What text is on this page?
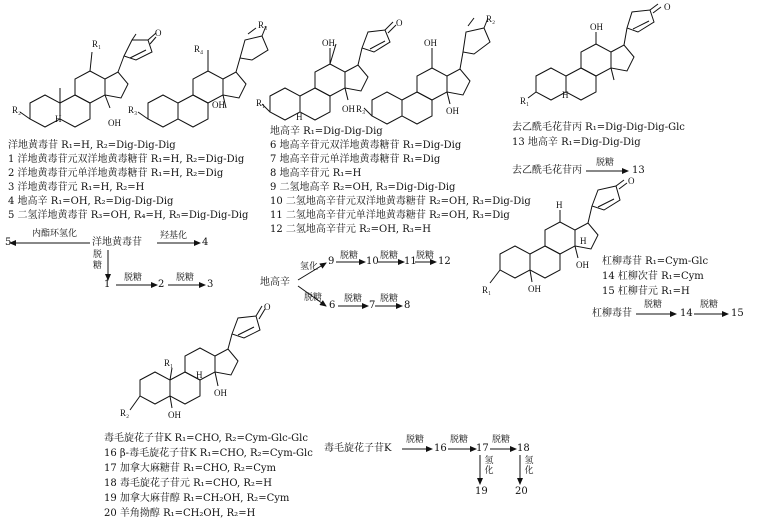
R₁
R₂
R₄
R₃
R₃
OH
OH
H
O
洋地黄毒苷 R₁=H, R₂=Dig-Dig-Dig
1 洋地黄毒苷元双洋地黄毒糖苷 R₁=H, R₂=Dig-Dig
2 洋地黄毒苷元单洋地黄毒糖苷 R₁=H, R₂=Dig
3 洋地黄毒苷元 R₁=H, R₂=H
4 地高辛 R₁=OH, R₂=Dig-Dig-Dig
5 二氢洋地黄毒苷 R₃=OH, R₄=H, R₅=Dig-Dig-Dig
洋地黄毒苷
内酯环氢化
5
羟基化
4
脱糖
1
脱糖
2
脱糖
3
OH	OH
R₁
R₂
R₃
OH	OH
H
O
地高辛 R₁=Dig-Dig-Dig
6 地高辛苷元双洋地黄毒糖苷 R₁=Dig-Dig
7 地高辛苷元单洋地黄毒糖苷 R₁=Dig
8 地高辛苷元 R₁=H
9 二氢地高辛 R₂=OH, R₃=Dig-Dig-Dig
10 二氢地高辛苷元双洋地黄毒糖苷 R₂=OH, R₃=Dig-Dig
11 二氢地高辛苷元单洋地黄毒糖苷 R₂=OH, R₃=Dig
12 二氢地高辛苷元 R₂=OH, R₃=H
地高辛
氢化 9 脱糖 10 脱糖 11 脱糖 12
脱糖
6
脱糖
7
脱糖
8
OH
R₁
H
O
去乙酰毛花苷丙 R₁=Dig-Dig-Dig-Glc
13 地高辛 R₁=Dig-Dig-Dig
去乙酰毛花苷丙
脱糖
13
H
H
R₁	OH
OH
O
杠柳毒苷 R₁=Cym-Glc
14 杠柳次苷 R₁=Cym
15 杠柳苷元 R₁=H
杠柳毒苷
脱糖
14
脱糖
15
R₁
R₂	OH
OH
H
O
毒毛旋花子苷K R₁=CHO, R₂=Cym-Glc-Glc
16 β-毒毛旋花子苷K R₁=CHO, R₂=Cym-Glc
17 加拿大麻糖苷 R₁=CHO, R₂=Cym
18 毒毛旋花子苷元 R₁=CHO, R₂=H
19 加拿大麻苷醇 R₁=CH₂OH, R₂=Cym
20 羊角拗醇 R₁=CH₂OH, R₂=H
毒毛旋花子苷K
脱糖
16
脱糖
17
脱糖
18
氢化
19
氢化
20
